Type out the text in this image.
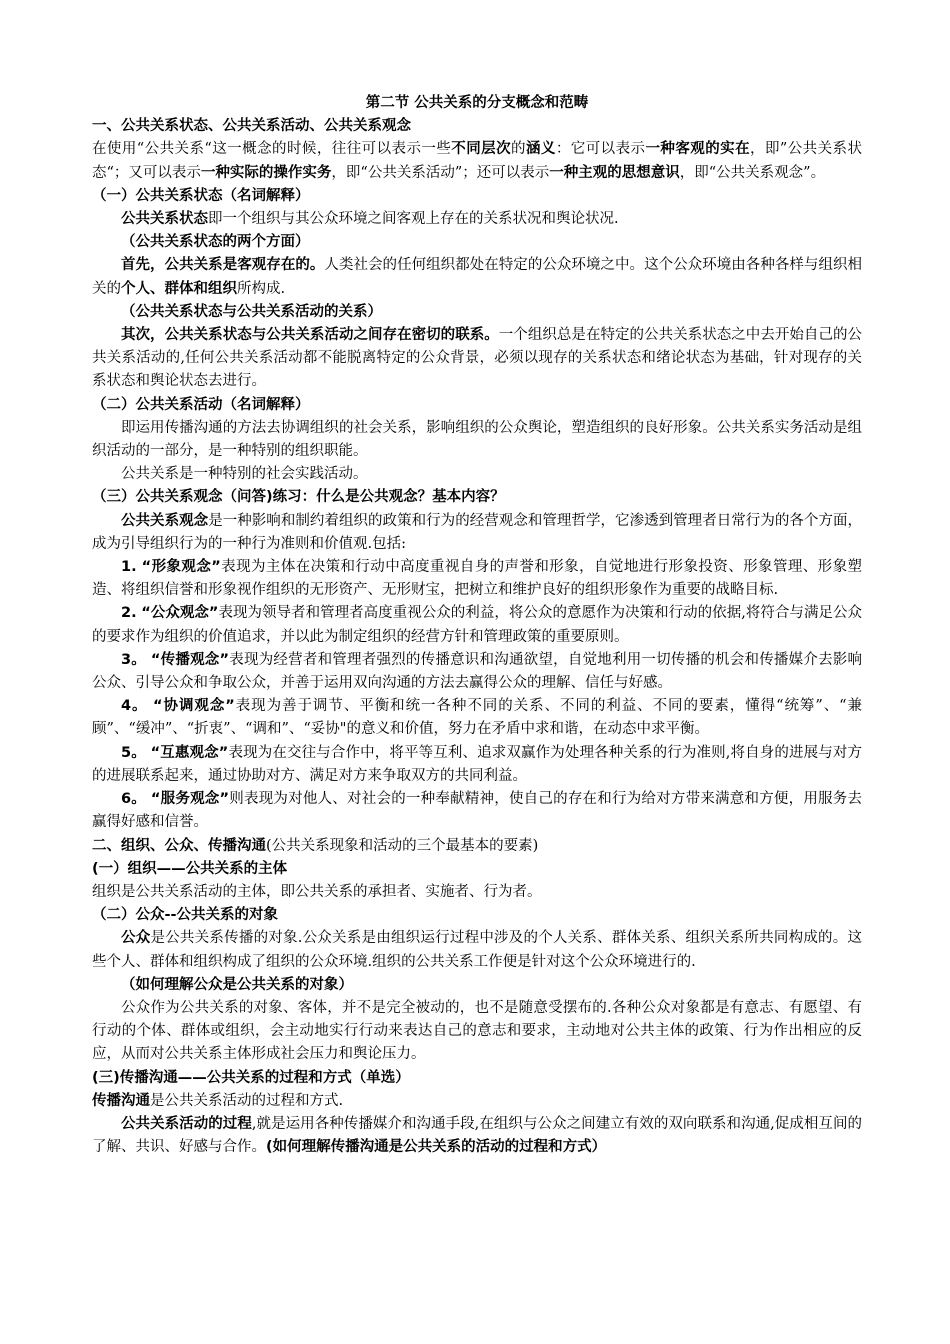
第二节 公共关系的分支概念和范畴
一、公共关系状态、公共关系活动、公共关系观念
在使用“公共关系“这一概念的时候，往往可以表示一些不同层次的涵义：它可以表示一种客观的实在，即”公共关系状态“；又可以表示一种实际的操作实务，即“公共关系活动”；还可以表示一种主观的思想意识，即“公共关系观念”。
（一）公共关系状态（名词解释）
公共关系状态即一个组织与其公众环境之间客观上存在的关系状况和舆论状况.
（公共关系状态的两个方面）
首先，公共关系是客观存在的。人类社会的任何组织都处在特定的公众环境之中。这个公众环境由各种各样与组织相关的个人、群体和组织所构成.
（公共关系状态与公共关系活动的关系）
其次，公共关系状态与公共关系活动之间存在密切的联系。一个组织总是在特定的公共关系状态之中去开始自己的公共关系活动的,任何公共关系活动都不能脱离特定的公众背景，必须以现存的关系状态和绪论状态为基础，针对现存的关系状态和舆论状态去进行。
（二）公共关系活动（名词解释）
即运用传播沟通的方法去协调组织的社会关系，影响组织的公众舆论，塑造组织的良好形象。公共关系实务活动是组织活动的一部分，是一种特别的组织职能。
公共关系是一种特别的社会实践活动。
（三）公共关系观念（问答)练习：什么是公共观念？基本内容？
公共关系观念是一种影响和制约着组织的政策和行为的经营观念和管理哲学，它渗透到管理者日常行为的各个方面，成为引导组织行为的一种行为准则和价值观.包括:
1. “形象观念”表现为主体在决策和行动中高度重视自身的声誉和形象，自觉地进行形象投资、形象管理、形象塑造、将组织信誉和形象视作组织的无形资产、无形财宝，把树立和维护良好的组织形象作为重要的战略目标.
2. “公众观念”表现为领导者和管理者高度重视公众的利益，将公众的意愿作为决策和行动的依据,将符合与满足公众的要求作为组织的价值追求，并以此为制定组织的经营方针和管理政策的重要原则。
3。 “传播观念”表现为经营者和管理者强烈的传播意识和沟通欲望，自觉地利用一切传播的机会和传播媒介去影响公众、引导公众和争取公众，并善于运用双向沟通的方法去赢得公众的理解、信任与好感。
4。 “协调观念”表现为善于调节、平衡和统一各种不同的关系、不同的利益、不同的要素，懂得“统筹”、“兼顾”、“缓冲”、“折衷”、“调和”、“妥协"的意义和价值，努力在矛盾中求和谐，在动态中求平衡。
5。 “互惠观念”表现为在交往与合作中，将平等互利、追求双赢作为处理各种关系的行为准则,将自身的进展与对方的进展联系起来，通过协助对方、满足对方来争取双方的共同利益。
6。 “服务观念”则表现为对他人、对社会的一种奉献精神，使自己的存在和行为给对方带来满意和方便，用服务去赢得好感和信誉。
二、组织、公众、传播沟通(公共关系现象和活动的三个最基本的要素)
(一）组织——公共关系的主体
组织是公共关系活动的主体，即公共关系的承担者、实施者、行为者。
（二）公众--公共关系的对象
公众是公共关系传播的对象.公众关系是由组织运行过程中涉及的个人关系、群体关系、组织关系所共同构成的。这些个人、群体和组织构成了组织的公众环境.组织的公共关系工作便是针对这个公众环境进行的.
（如何理解公众是公共关系的对象）
公众作为公共关系的对象、客体，并不是完全被动的，也不是随意受摆布的.各种公众对象都是有意志、有愿望、有行动的个体、群体或组织，会主动地实行行动来表达自己的意志和要求，主动地对公共主体的政策、行为作出相应的反应，从而对公共关系主体形成社会压力和舆论压力。
(三)传播沟通——公共关系的过程和方式（单选）
传播沟通是公共关系活动的过程和方式.
公共关系活动的过程,就是运用各种传播媒介和沟通手段,在组织与公众之间建立有效的双向联系和沟通,促成相互间的了解、共识、好感与合作。(如何理解传播沟通是公共关系的活动的过程和方式）
